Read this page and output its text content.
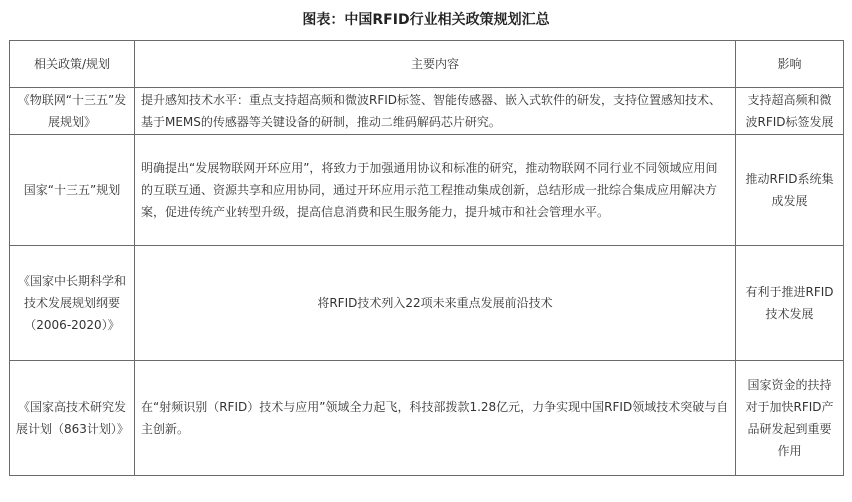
图表：中国RFID行业相关政策规划汇总
相关政策/规划	主要内容	影响
《物联网“十三五”发展规划》	提升感知技术水平：重点支持超高频和微波RFID标签、智能传感器、嵌入式软件的研发，支持位置感知技术、基于MEMS的传感器等关键设备的研制，推动二维码解码芯片研究。	支持超高频和微波RFID标签发展
国家“十三五”规划	明确提出“发展物联网开环应用”，将致力于加强通用协议和标准的研究，推动物联网不同行业不同领域应用间的互联互通、资源共享和应用协同，通过开环应用示范工程推动集成创新，总结形成一批综合集成应用解决方案，促进传统产业转型升级，提高信息消费和民生服务能力，提升城市和社会管理水平。	推动RFID系统集成发展
《国家中长期科学和技术发展规划纲要（2006-2020）》	将RFID技术列入22项未来重点发展前沿技术	有利于推进RFID技术发展
《国家高技术研究发展计划（863计划）》	在“射频识别（RFID）技术与应用”领域全力起飞，科技部拨款1.28亿元，力争实现中国RFID领域技术突破与自主创新。	国家资金的扶持对于加快RFID产品研发起到重要作用
